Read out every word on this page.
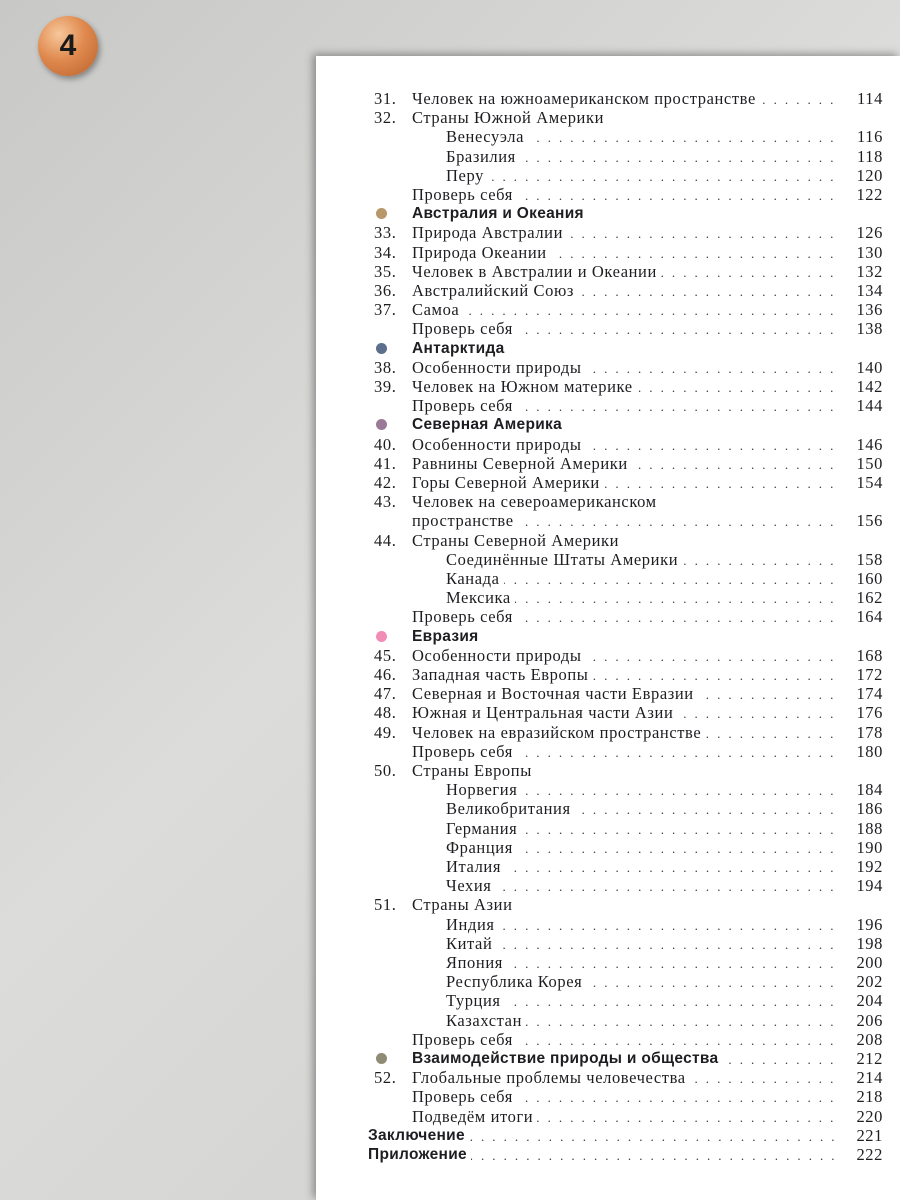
4
31. . . . Человек на южноамериканском пространстве	114
32. Страны Южной Америки
. . .
Венесуэла	116
. . .
Бразилия	118
. . .
Перу	120
. . .
Проверь себя	122
Австралия и Океания
33. . . . Природа Австралии	126
34. . . . Природа Океании	130
35. . . . Человек в Австралии и Океании	132
36. . . . Австралийский Союз	134
37. . . . Самоа	136
. . .
Проверь себя	138
Антарктида
38. . . . Особенности природы	140
39. . . . Человек на Южном материке	142
. . .
Проверь себя	144
Северная Америка
40. . . . Особенности природы	146
41. . . . Равнины Северной Америки	150
42. . . . Горы Северной Америки	154
43. Человек на североамериканском
. . .
пространстве	156
44. Страны Северной Америки
. . .
Соединённые Штаты Америки	158
. . .
Канада	160
. . .
Мексика	162
. . .
Проверь себя	164
Евразия
45. . . . Особенности природы	168
46. . . . Западная часть Европы	172
47. . . . Северная и Восточная части Евразии	174
48. . . . Южная и Центральная части Азии	176
49. . . . Человек на евразийском пространстве	178
. . .
Проверь себя	180
50. Страны Европы
. . .
Норвегия	184
. . .
Великобритания	186
. . .
Германия	188
. . .
Франция	190
. . .
Италия	192
. . .
Чехия	194
51. Страны Азии
. . .
Индия	196
. . .
Китай	198
. . .
Япония	200
. . .
Республика Корея	202
. . .
Турция	204
. . .
Казахстан	206
. . .
Проверь себя	208
. . .
Взаимодействие природы и общества	212
52. . . . Глобальные проблемы человечества	214
. . .
Проверь себя	218
. . .
Подведём итоги	220
. . .
Заключение	221
. . .
Приложение	222
